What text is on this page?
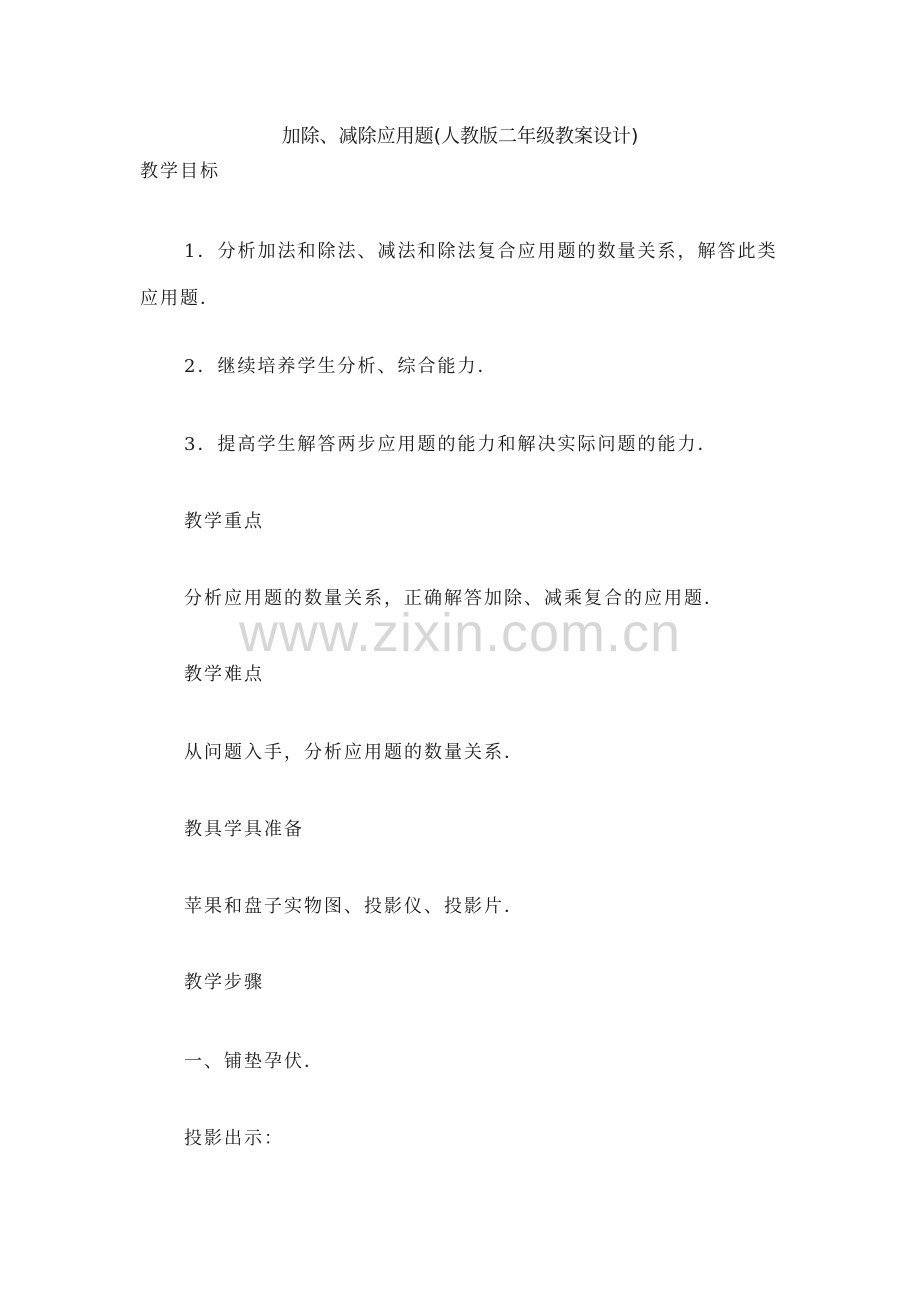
加除、减除应用题(人教版二年级教案设计)
教学目标
1．分析加法和除法、减法和除法复合应用题的数量关系，解答此类应用题．
2．继续培养学生分析、综合能力．
3．提高学生解答两步应用题的能力和解决实际问题的能力．
教学重点
分析应用题的数量关系，正确解答加除、减乘复合的应用题．
教学难点
从问题入手，分析应用题的数量关系．
教具学具准备
苹果和盘子实物图、投影仪、投影片．
教学步骤
一、铺垫孕伏．
投影出示：
www.zixin.com.cn
